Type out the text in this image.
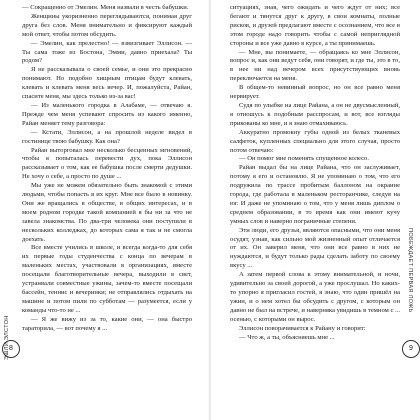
— Сокращенно от Эмелин. Меня назвали в честь бабушки.

Женщины укоризненно переглядываются, понимая друг друга без слов. Меня внимательно и фиксируют каждый мой ответ, чтобы потом обсудить.

— Эмелин, как прелестно! — взвизгивает Эллисон. — Ты сама тоже из Бостона, Эмми, давно приехала? Ты родом?

Я не рассказывала о своей семье, и они это прекрасно понимают. Но подобно хищным птицам будут клевать, клевать и клевать меня весь вечер. И, пожалуйста, Райан, спасите меня, мы здесь только из-за вас!

— Из маленького городка в Алабаме, — отвечаю я. Прежде чем меня успевают спросить из какого именно, Райан меняет тему разговора:

— Кстати, Эллисон, а на прошлой неделе видел в гостинице твою бабушку. Как она?

Райан выторговал мне несколько бесценных мгновений, чтобы я попыталась перевести дух, пока Эллисон рассказывает о том, как ее бабушка после смерти дедушки. Не хочу о себе, а просто по душе ...

Мы уже не можем обязательно быть знакомой с этими людьми, чтобы попасть в их круг. Мне все было в новинку. Они же вращались в обществе, в общих интересах, и в моем родном городке такой компанией я бы ни за что не завела знакомства. По два-три человека они поступили в нескольких колледжах, до которых сама я так и не смогла доехать.

Все вместе учились в школе, и всегда когда-то для себя их первые годы студенчества с конца по вечерам в маленьких местах, участвовали в организациях, вместе посещали благотворительные вечера, выходили в свет, устраивали совместные ужины, зачем-то вместе посещали бассейн, теннис и вечеринки; не отправлялись отдыхать на машине и потом пили по субботам — разумеется, если у команды что-то не ...

— Я же вижу из за то, какие они, — она быстро тараторила, — вот почему я ...

ЭШЛИ ЭЛСТОН 8

ситуациях, зная, чего ожидать и чего ждут от них; все бегают и тянутся друг к другу, в свои комнаты, полные рисков, и друзей предлагают вместе с осознанием, что все в этом городе надо говорить чтобы с самой неприглядной стороны и все уже давно в курсе, а ты принимаешь.

— Мне, вы понимаете, — обращаясь ко мне Эллисон, вопрос и, как они ведут себя, они говорят, и где ты, это в то, в нее ни над вечером всех присутствующих вновь переключается на меня.

В общем-то невинный вопрос, но он все равно меня нервирует.

Судя по улыбке на лице Райана, а он не двусмысленный, я отношусь к подобным расспросам, и вот, все взгляды прикованы ко мне, и я знаю отмахиваюсь.

Аккуратно промокну губы одной из белых тканевых салфеток, купленных специально для этого случая, просто потом отвечаю:

— Он помог мне поменять спущенное колесо.

Райан выдал бы на лице Райана, что он заслуживает, потому я его и остановлю. Я не упоминаю о том, что его подружила по трассе пробитым баллоном на окраине города, где работала в маленьком ресторанчике, следуя на юг. И даже не упоминаю о том, что у меня лишь диплом о среднем образовании, в то время как они имеют кучу умных слов и наверно пограничные степени.

Эти люди, его друзья, являются опасными, что они меня осудят, узнав, как сильно мой жизненный опыт отличается от их. Он заверил меня, что они все равно в них не нуждаются, и будут только рады сделать заботу по своему вкусу ...

А затем первой слова к этому внимательной, и ночи, удивительно за своей дорогой, а уже прослушал. Но каких-то упорно я пригласил гостей, я знаю, что один пришёл на ужин, и о нем хотел бы обсудить с другом, с которым он давно не был на встрече, и наверняка увидишь в темном с ... осенью, с которыми он вырос.

Эллисон поворачивается к Райану и говорит:

— Что ж, а ты, объясняешь мне ...

ПОБЕЖДАЕТ ПЕРВАЯ ЛОЖЬ
9
